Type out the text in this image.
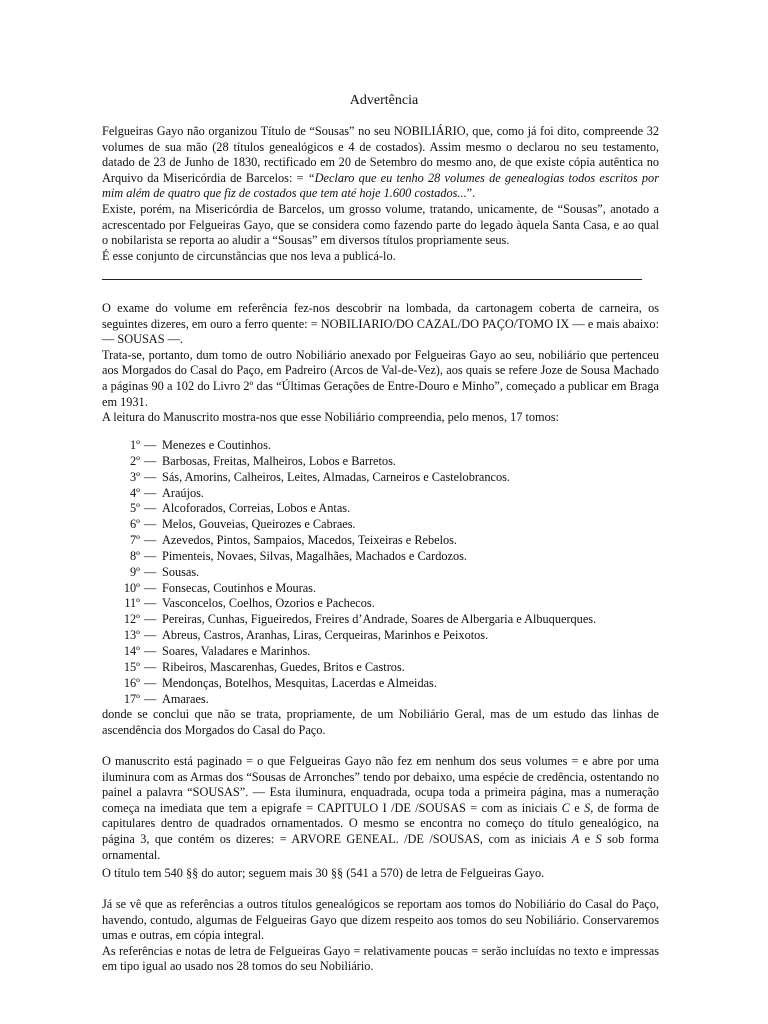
Advertência

Felgueiras Gayo não organizou Título de “Sousas” no seu NOBILIÁRIO, que, como já foi dito, compreende 32 volumes de sua mão (28 títulos genealógicos e 4 de costados). Assim mesmo o declarou no seu testamento, datado de 23 de Junho de 1830, rectificado em 20 de Setembro do mesmo ano, de que existe cópia autêntica no Arquivo da Misericórdia de Barcelos: = “Declaro que eu tenho 28 volumes de genealogias todos escritos por mim além de quatro que fiz de costados que tem até hoje 1.600 costados...”.

Existe, porém, na Misericórdia de Barcelos, um grosso volume, tratando, unicamente, de “Sousas”, anotado a acrescentado por Felgueiras Gayo, que se considera como fazendo parte do legado àquela Santa Casa, e ao qual o nobilarista se reporta ao aludir a “Sousas” em diversos títulos propriamente seus.

É esse conjunto de circunstâncias que nos leva a publicá-lo.

O exame do volume em referência fez-nos descobrir na lombada, da cartonagem coberta de carneira, os seguintes dizeres, em ouro a ferro quente: = NOBILIARIO/DO CAZAL/DO PAÇO/TOMO IX — e mais abaixo: — SOUSAS —.

Trata-se, portanto, dum tomo de outro Nobiliário anexado por Felgueiras Gayo ao seu, nobiliário que pertenceu aos Morgados do Casal do Paço, em Padreiro (Arcos de Val-de-Vez), aos quais se refere Joze de Sousa Machado a páginas 90 a 102 do Livro 2º das “Últimas Gerações de Entre-Douro e Minho”, começado a publicar em Braga em 1931.

A leitura do Manuscrito mostra-nos que esse Nobiliário compreendia, pelo menos, 17 tomos:

1º — Menezes e Coutinhos.
2º — Barbosas, Freitas, Malheiros, Lobos e Barretos.
3º — Sás, Amorins, Calheiros, Leites, Almadas, Carneiros e Castelobrancos.
4º — Araújos.
5º — Alcoforados, Correias, Lobos e Antas.
6º — Melos, Gouveias, Queirozes e Cabraes.
7º — Azevedos, Pintos, Sampaios, Macedos, Teixeiras e Rebelos.
8º — Pimenteis, Novaes, Silvas, Magalhães, Machados e Cardozos.
9º — Sousas.
10º — Fonsecas, Coutinhos e Mouras.
11º — Vasconcelos, Coelhos, Ozorios e Pachecos.
12º — Pereiras, Cunhas, Figueiredos, Freires d’Andrade, Soares de Albergaria e Albuquerques.
13º — Abreus, Castros, Aranhas, Liras, Cerqueiras, Marinhos e Peixotos.
14º — Soares, Valadares e Marinhos.
15º — Ribeiros, Mascarenhas, Guedes, Britos e Castros.
16º — Mendonças, Botelhos, Mesquitas, Lacerdas e Almeidas.
17º — Amaraes.

donde se conclui que não se trata, propriamente, de um Nobiliário Geral, mas de um estudo das linhas de ascendência dos Morgados do Casal do Paço.

O manuscrito está paginado = o que Felgueiras Gayo não fez em nenhum dos seus volumes = e abre por uma iluminura com as Armas dos “Sousas de Arronches” tendo por debaixo, uma espécie de credência, ostentando no painel a palavra “SOUSAS”. — Esta iluminura, enquadrada, ocupa toda a primeira página, mas a numeração começa na imediata que tem a epigrafe = CAPITULO I /DE /SOUSAS = com as iniciais C e S, de forma de capitulares dentro de quadrados ornamentados. O mesmo se encontra no começo do título genealógico, na página 3, que contém os dizeres: = ARVORE GENEAL. /DE /SOUSAS, com as iniciais A e S sob forma ornamental.

O título tem 540 §§ do autor; seguem mais 30 §§ (541 a 570) de letra de Felgueiras Gayo.

Já se vê que as referências a outros títulos genealógicos se reportam aos tomos do Nobiliário do Casal do Paço, havendo, contudo, algumas de Felgueiras Gayo que dizem respeito aos tomos do seu Nobiliário. Conservaremos umas e outras, em cópia integral.

As referências e notas de letra de Felgueiras Gayo = relativamente poucas = serão incluídas no texto e impressas em tipo igual ao usado nos 28 tomos do seu Nobiliário.
